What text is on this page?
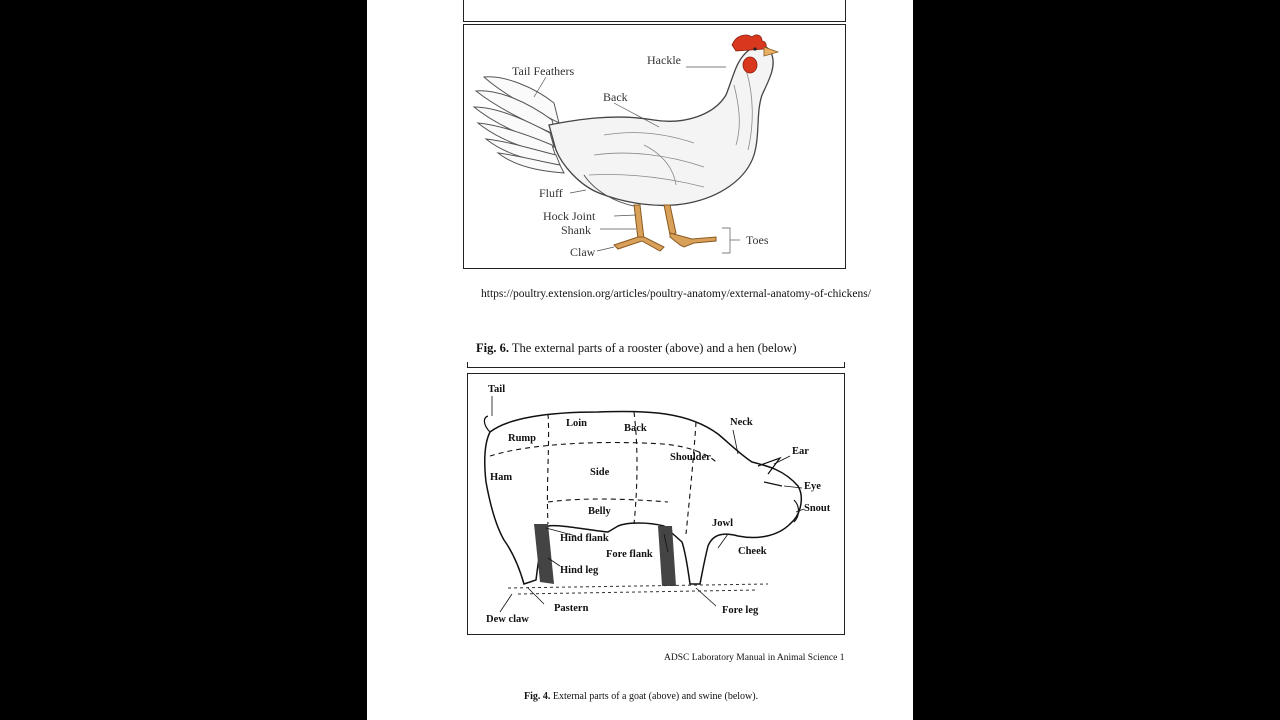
Tail Feathers
Hackle
Back
Fluff
Hock Joint
Shank
Claw
Toes
https://poultry.extension.org/articles/poultry-anatomy/external-anatomy-of-chickens/
Fig. 6. The external parts of a rooster (above) and a hen (below)
Tail
Rump
Loin	Back
Neck
Ear
Eye
Snout
Ham	Side
Shoulder
Belly
Jowl
Cheek
Hind flank
Fore flank
Hind leg
Pastern
Dew claw
Fore leg
ADSC Laboratory Manual in Animal Science 1
Fig. 4. External parts of a goat (above) and swine (below).
